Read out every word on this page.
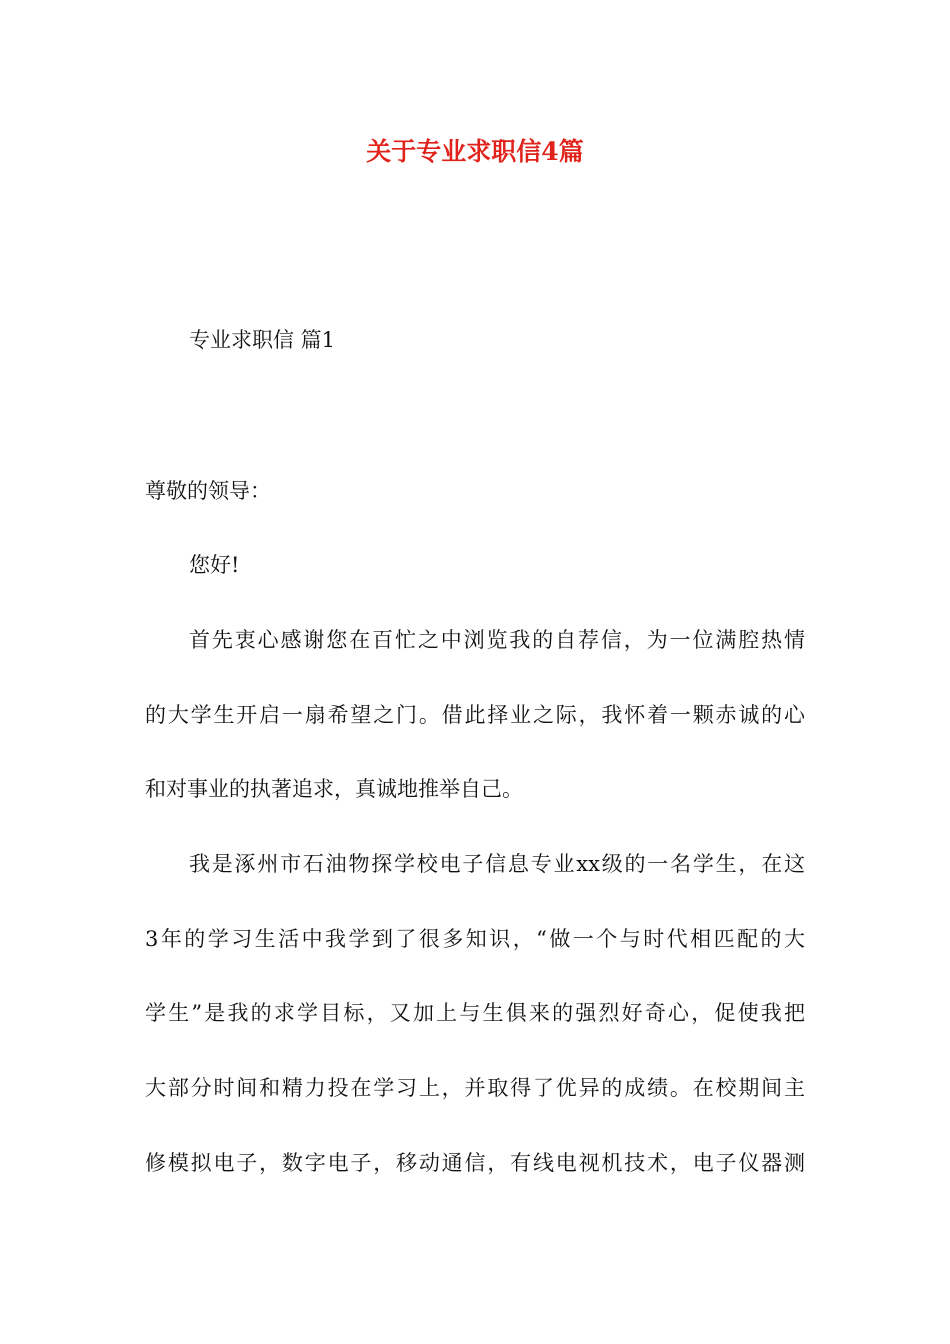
关于专业求职信4篇
专业求职信 篇1
尊敬的领导：
您好!
首先衷心感谢您在百忙之中浏览我的自荐信，为一位满腔热情
的大学生开启一扇希望之门。借此择业之际，我怀着一颗赤诚的心
和对事业的执著追求，真诚地推举自己。
我是涿州市石油物探学校电子信息专业xx级的一名学生，在这
3年的学习生活中我学到了很多知识，“做一个与时代相匹配的大
学生”是我的求学目标，又加上与生俱来的强烈好奇心，促使我把
大部分时间和精力投在学习上，并取得了优异的成绩。在校期间主
修模拟电子，数字电子，移动通信，有线电视机技术，电子仪器测
